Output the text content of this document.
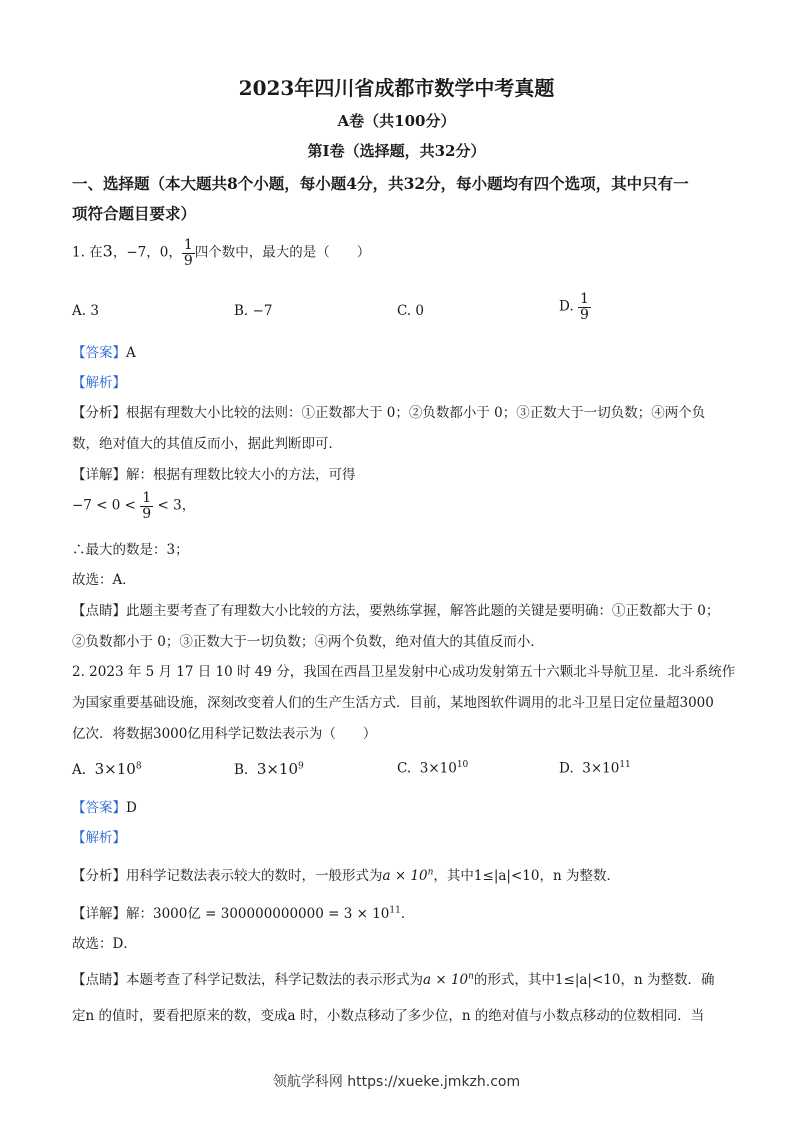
2023年四川省成都市数学中考真题
A卷（共100分）
第Ⅰ卷（选择题，共32分）
一、选择题（本大题共8个小题，每小题4分，共32分，每小题均有四个选项，其中只有一
项符合题目要求）
1. 在3，−7，0， $\frac{1}{9}$ 四个数中，最大的是（　　）
A. 3	B. −7	C. 0	D. $\frac{1}{9}$
【答案】A
【解析】
【分析】根据有理数大小比较的法则：①正数都大于 0；②负数都小于 0；③正数大于一切负数；④两个负
数，绝对值大的其值反而小，据此判断即可．
【详解】解：根据有理数比较大小的方法，可得
$-7 < 0 < \frac{1}{9} < 3$，
∴最大的数是：3；
故选：A．
【点睛】此题主要考查了有理数大小比较的方法，要熟练掌握，解答此题的关键是要明确：①正数都大于 0；
②负数都小于 0；③正数大于一切负数；④两个负数，绝对值大的其值反而小．
2. 2023 年 5 月 17 日 10 时 49 分，我国在西昌卫星发射中心成功发射第五十六颗北斗导航卫星．北斗系统作
为国家重要基础设施，深刻改变着人们的生产生活方式．目前，某地图软件调用的北斗卫星日定位量超3000
亿次．将数据3000亿用科学记数法表示为（　　）
A. $3\times 10^8$	B. $3\times 10^9$	C. $3\times 10^{10}$	D. $3\times 10^{11}$
【答案】D
【解析】
【分析】用科学记数法表示较大的数时，一般形式为$a \times 10^n$，其中1≤|a|<10，n 为整数．
【详解】解：3000亿 = $300000000000 = 3 \times 10^{11}$．
故选：D．
【点睛】本题考查了科学记数法，科学记数法的表示形式为$a \times 10^n$的形式，其中1≤|a|<10，n 为整数．确
定n 的值时，要看把原来的数，变成a 时，小数点移动了多少位，n 的绝对值与小数点移动的位数相同．当
领航学科网 https://xueke.jmkzh.com
